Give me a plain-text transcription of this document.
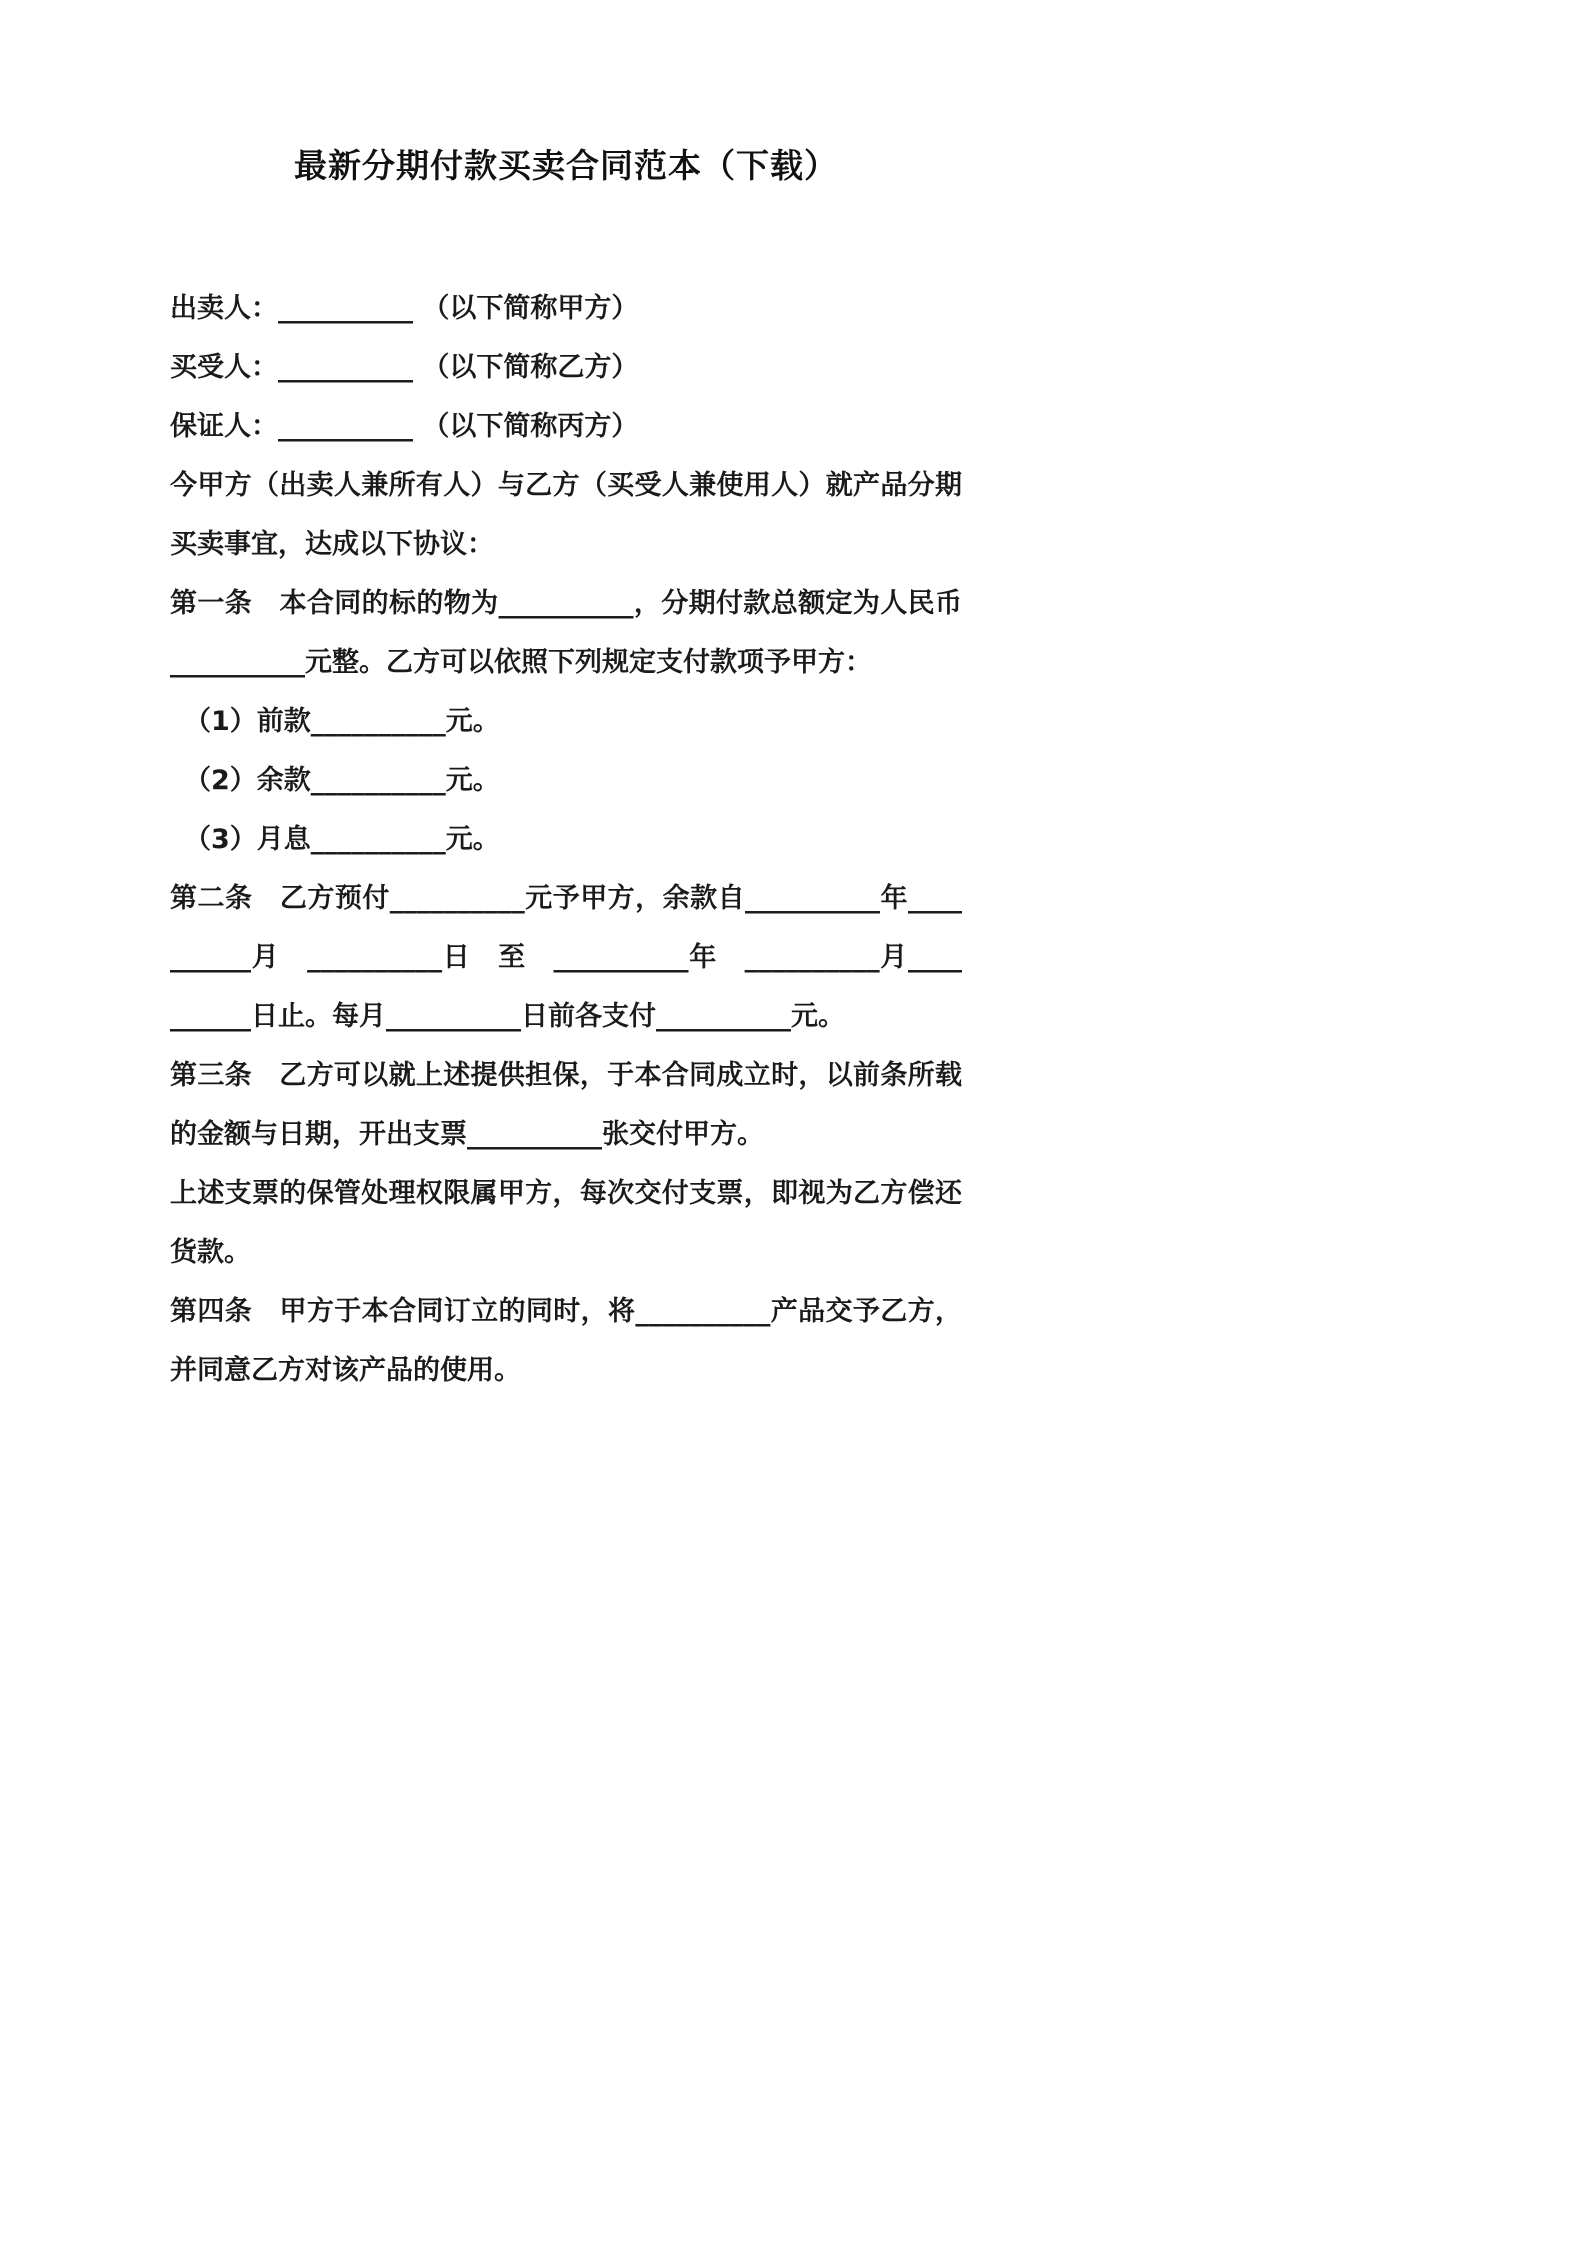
最新分期付款买卖合同范本（下载）

出卖人：__________ （以下简称甲方）

买受人：__________ （以下简称乙方）

保证人：__________ （以下简称丙方）

今甲方（出卖人兼所有人）与乙方（买受人兼使用人）就产品分期买卖事宜，达成以下协议：

第一条　本合同的标的物为__________，分期付款总额定为人民币__________元整。乙方可以依照下列规定支付款项予甲方：

（1）前款__________元。

（2）余款__________元。

（3）月息__________元。

第二条　乙方预付__________元予甲方，余款自__________年__________月　__________日　至　__________年　__________月__________日止。每月__________日前各支付__________元。

第三条　乙方可以就上述提供担保，于本合同成立时，以前条所载的金额与日期，开出支票__________张交付甲方。

上述支票的保管处理权限属甲方，每次交付支票，即视为乙方偿还货款。

第四条　甲方于本合同订立的同时，将__________产品交予乙方，并同意乙方对该产品的使用。
